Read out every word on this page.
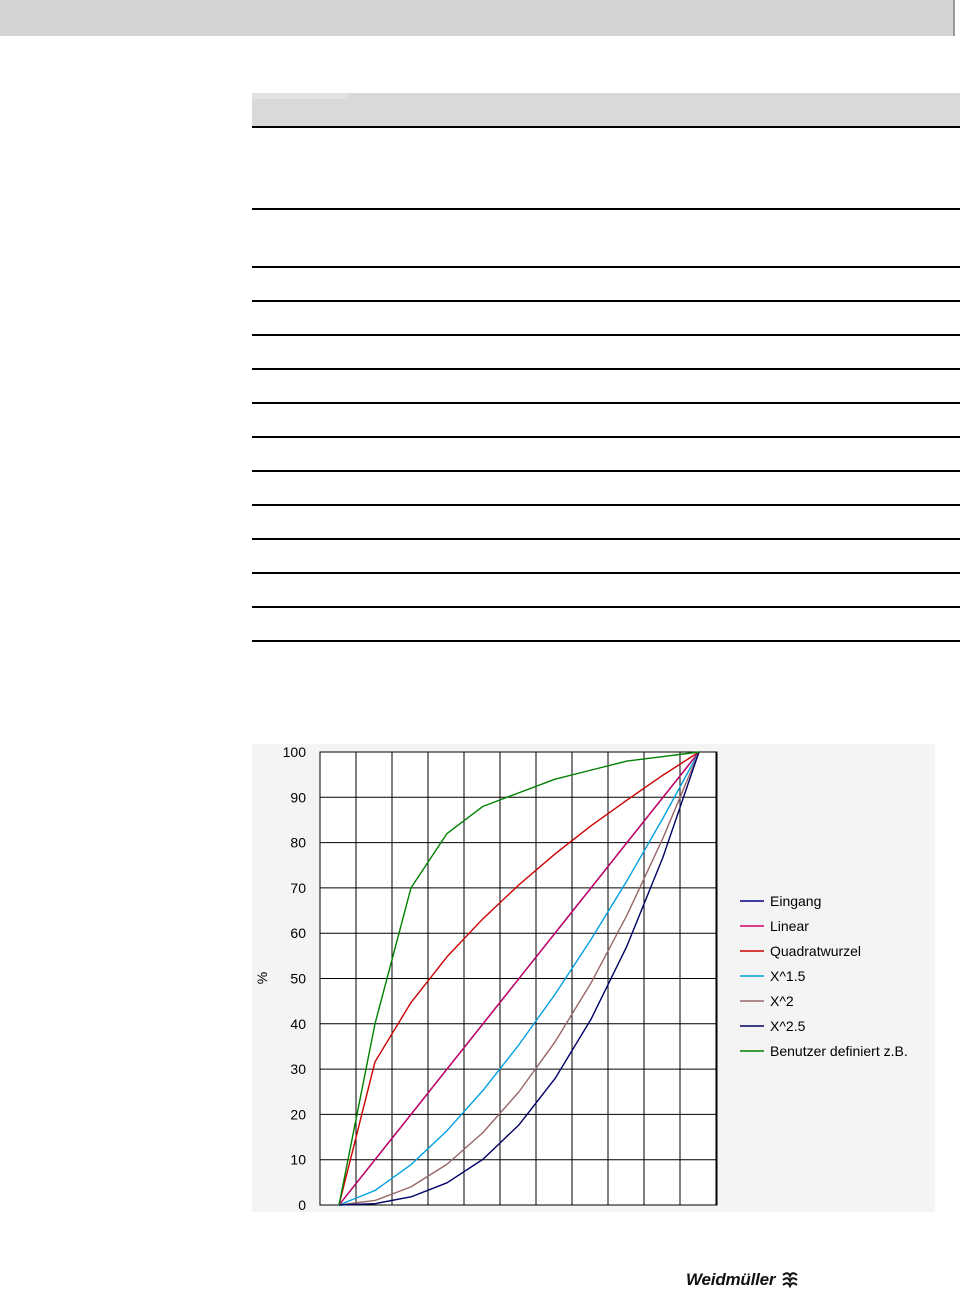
0
10
20
30
40
50
60
70
80
90
100
%
Eingang
Linear
Quadratwurzel
X^1.5
X^2
X^2.5
Benutzer definiert z.B.
Weidmüller
